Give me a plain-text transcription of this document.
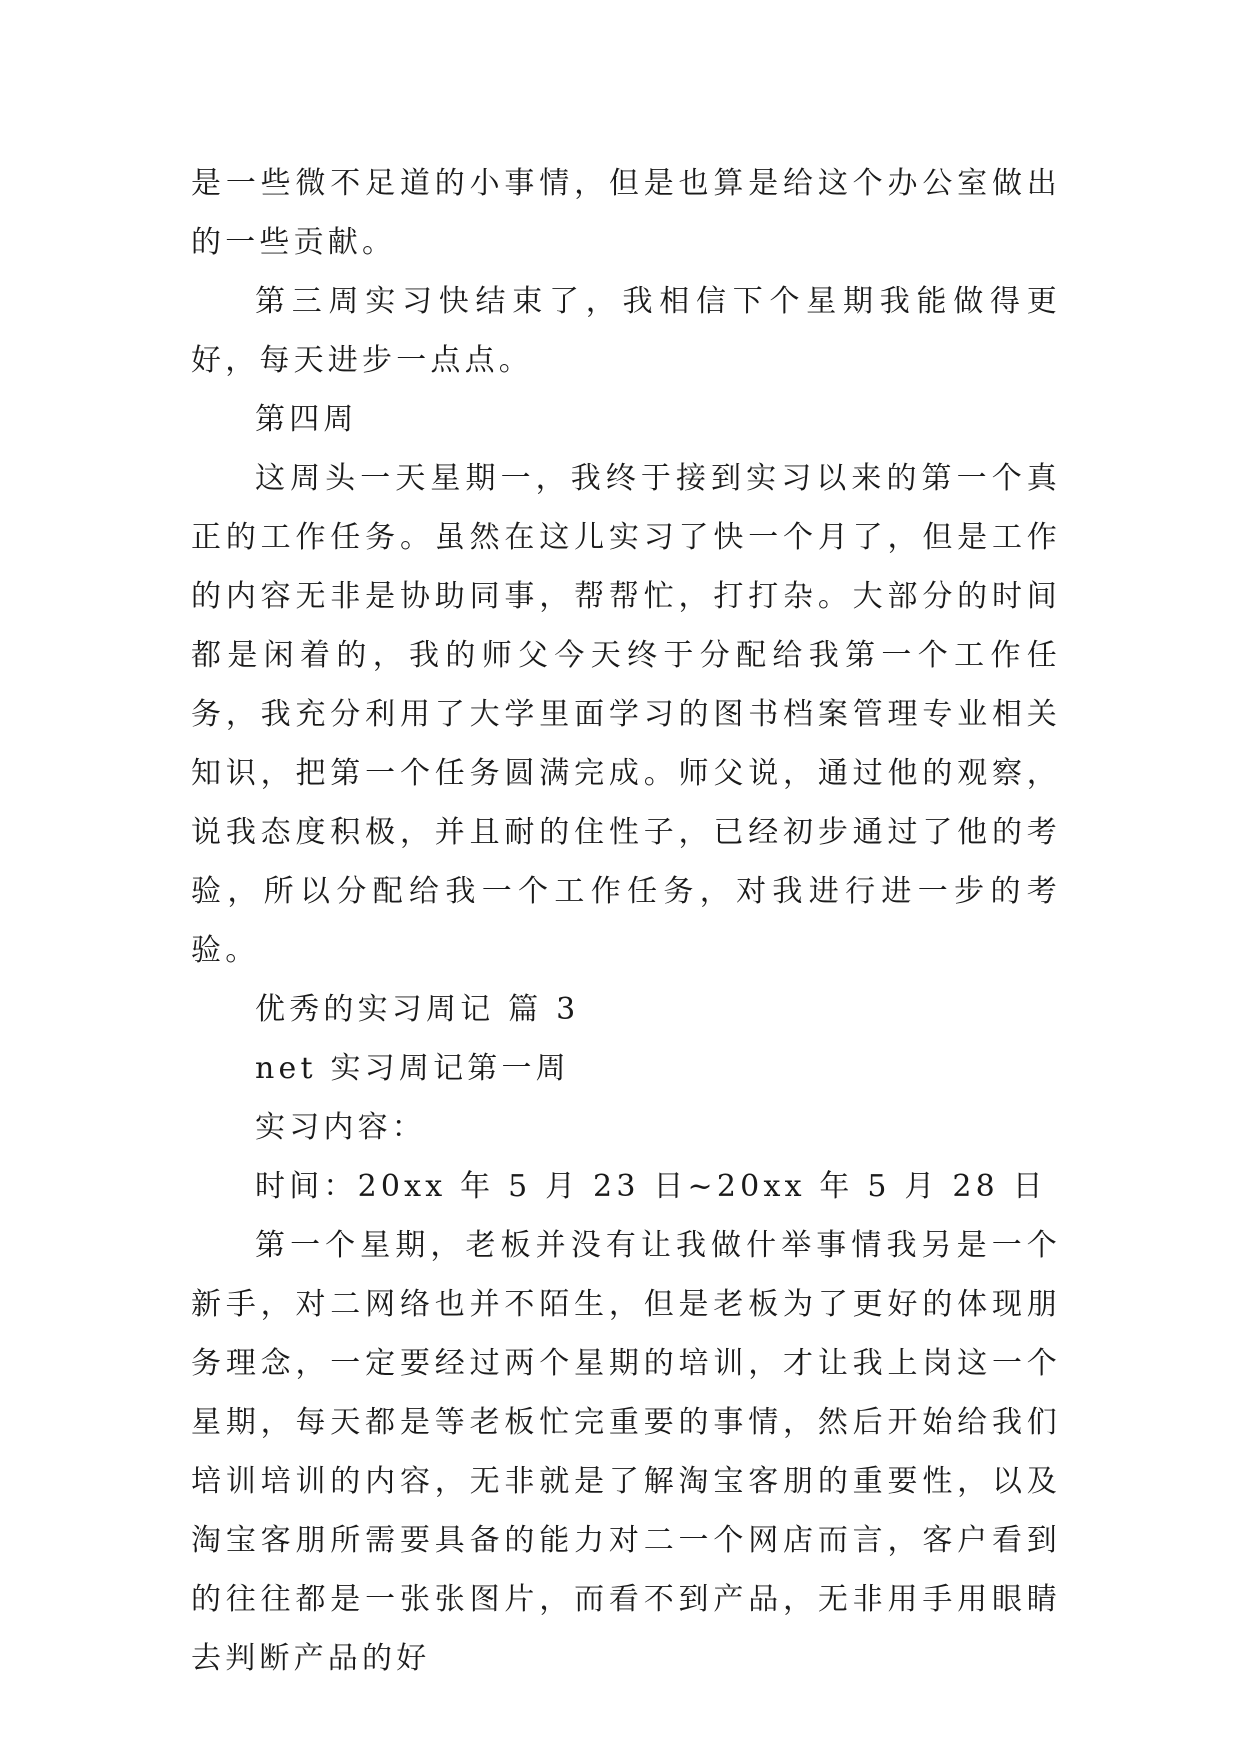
是一些微不足道的小事情，但是也算是给这个办公室做出的一些贡献。

第三周实习快结束了，我相信下个星期我能做得更好，每天进步一点点。

第四周

这周头一天星期一，我终于接到实习以来的第一个真正的工作任务。虽然在这儿实习了快一个月了，但是工作的内容无非是协助同事，帮帮忙，打打杂。大部分的时间都是闲着的，我的师父今天终于分配给我第一个工作任务，我充分利用了大学里面学习的图书档案管理专业相关知识，把第一个任务圆满完成。师父说，通过他的观察，说我态度积极，并且耐的住性子，已经初步通过了他的考验，所以分配给我一个工作任务，对我进行进一步的考验。

优秀的实习周记 篇 3

net 实习周记第一周

实习内容：

时间：20xx 年 5 月 23 日~20xx 年 5 月 28 日

第一个星期，老板并没有让我做什举事情我另是一个新手，对二网络也并不陌生，但是老板为了更好的体现朋务理念，一定要经过两个星期的培训，才让我上岗这一个星期，每天都是等老板忙完重要的事情，然后开始给我们培训培训的内容，无非就是了解淘宝客朋的重要性，以及淘宝客朋所需要具备的能力对二一个网店而言，客户看到的往往都是一张张图片，而看不到产品，无非用手用眼睛去判断产品的好
